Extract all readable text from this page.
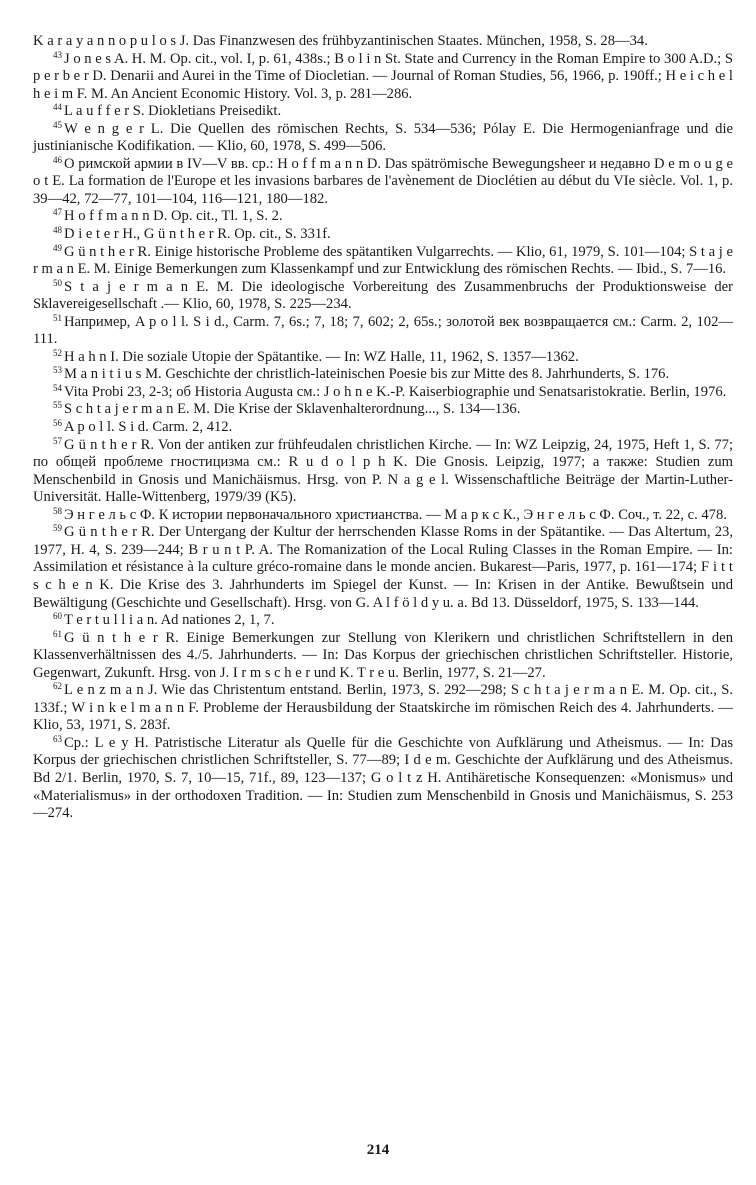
K a r a y a n n o p u l o s J. Das Finanzwesen des frühbyzantinischen Staates. München, 1958, S. 28—34.

$^{43}$ J o n e s A. H. M. Op. cit., vol. I, p. 61, 438s.; B o l i n St. State and Currency in the Roman Empire to 300 A.D.; S p e r b e r D. Denarii and Aurei in the Time of Diocletian. — Journal of Roman Studies, 56, 1966, p. 190ff.; H e i c h e l h e i m F. M. An Ancient Economic History. Vol. 3, p. 281—286.

$^{44}$ L a u f f e r S. Diokletians Preisedikt.

$^{45}$ W e n g e r L. Die Quellen des römischen Rechts, S. 534—536; Pólay E. Die Hermogenianfrage und die justinianische Kodifikation. — Klio, 60, 1978, S. 499—506.

$^{46}$ О римской армии в IV—V вв. ср.: H o f f m a n n D. Das spätrömische Bewegungsheer и недавно D e m o u g e o t E. La formation de l'Europe et les invasions barbares de l'avènement de Dioclétien au début du VIe siècle. Vol. 1, p. 39—42, 72—77, 101—104, 116—121, 180—182.

$^{47}$ H o f f m a n n D. Op. cit., Tl. 1, S. 2.

$^{48}$ D i e t e r H., G ü n t h e r R. Op. cit., S. 331f.

$^{49}$ G ü n t h e r R. Einige historische Probleme des spätantiken Vulgarrechts. — Klio, 61, 1979, S. 101—104; S t a j e r m a n E. M. Einige Bemerkungen zum Klassenkampf und zur Entwicklung des römischen Rechts. — Ibid., S. 7—16.

$^{50}$ S t a j e r m a n E. M. Die ideologische Vorbereitung des Zusammenbruchs der Produktionsweise der Sklavereigesellschaft .— Klio, 60, 1978, S. 225—234.

$^{51}$ Например, A p o l l. S i d., Carm. 7, 6s.; 7, 18; 7, 602; 2, 65s.; золотой век возвращается см.: Carm. 2, 102—111.

$^{52}$ H a h n I. Die soziale Utopie der Spätantike. — In: WZ Halle, 11, 1962, S. 1357—1362.

$^{53}$ M a n i t i u s M. Geschichte der christlich-lateinischen Poesie bis zur Mitte des 8. Jahrhunderts, S. 176.

$^{54}$ Vita Probi 23, 2-3; об Historia Augusta см.: J o h n e K.-P. Kaiserbiographie und Senatsaristokratie. Berlin, 1976.

$^{55}$ S c h t a j e r m a n E. M. Die Krise der Sklavenhalterordnung..., S. 134—136.

$^{56}$ A p o l l. S i d. Carm. 2, 412.

$^{57}$ G ü n t h e r R. Von der antiken zur frühfeudalen christlichen Kirche. — In: WZ Leipzig, 24, 1975, Heft 1, S. 77; по общей проблеме гностицизма см.: R u d o l p h K. Die Gnosis. Leipzig, 1977; а также: Studien zum Menschenbild in Gnosis und Manichäismus. Hrsg. von P. N a g e l. Wissenschaftliche Beiträge der Martin-Luther-Universität. Halle-Wittenberg, 1979/39 (K5).

$^{58}$ Э н г е л ь с Ф. К истории первоначального христианства. — М а р к с К., Э н г е л ь с Ф. Соч., т. 22, с. 478.

$^{59}$ G ü n t h e r R. Der Untergang der Kultur der herrschenden Klasse Roms in der Spätantike. — Das Altertum, 23, 1977, H. 4, S. 239—244; B r u n t P. A. The Romanization of the Local Ruling Classes in the Roman Empire. — In: Assimilation et résistance à la culture gréco-romaine dans le monde ancien. Bukarest—Paris, 1977, p. 161—174; F i t t s c h e n K. Die Krise des 3. Jahrhunderts im Spiegel der Kunst. — In: Krisen in der Antike. Bewußtsein und Bewältigung (Geschichte und Gesellschaft). Hrsg. von G. A l f ö l d y u. a. Bd 13. Düsseldorf, 1975, S. 133—144.

$^{60}$ T e r t u l l i a n. Ad nationes 2, 1, 7.

$^{61}$ G ü n t h e r R. Einige Bemerkungen zur Stellung von Klerikern und christlichen Schriftstellern in den Klassenverhältnissen des 4./5. Jahrhunderts. — In: Das Korpus der griechischen christlichen Schriftsteller. Historie, Gegenwart, Zukunft. Hrsg. von J. I r m s c h e r und K. T r e u. Berlin, 1977, S. 21—27.

$^{62}$ L e n z m a n J. Wie das Christentum entstand. Berlin, 1973, S. 292—298; S c h t a j e r m a n E. M. Op. cit., S. 133f.; W i n k e l m a n n F. Probleme der Herausbildung der Staatskirche im römischen Reich des 4. Jahrhunderts. — Klio, 53, 1971, S. 283f.

$^{63}$ Ср.: L e y H. Patristische Literatur als Quelle für die Geschichte von Aufklärung und Atheismus. — In: Das Korpus der griechischen christlichen Schriftsteller, S. 77—89; I d e m. Geschichte der Aufklärung und des Atheismus. Bd 2/1. Berlin, 1970, S. 7, 10—15, 71f., 89, 123—137; G o l t z H. Antihäretische Konsequenzen: «Monismus» und «Materialismus» in der orthodoxen Tradition. — In: Studien zum Menschenbild in Gnosis und Manichäismus, S. 253—274.

214
